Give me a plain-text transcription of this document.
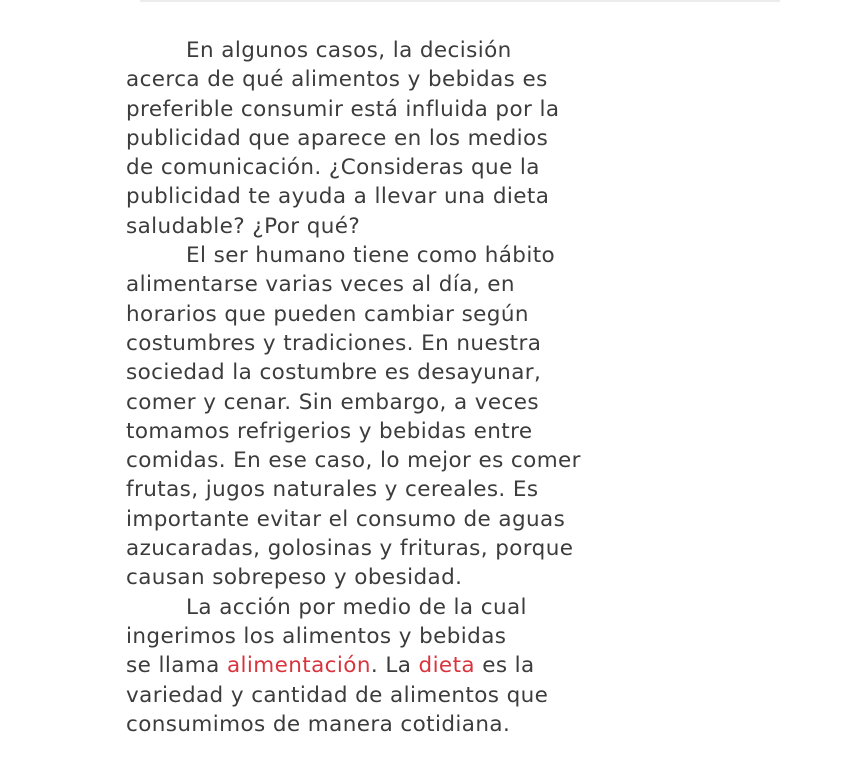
En algunos casos, la decisión
acerca de qué alimentos y bebidas es
preferible consumir está influida por la
publicidad que aparece en los medios
de comunicación. ¿Consideras que la
publicidad te ayuda a llevar una dieta
saludable? ¿Por qué?

El ser humano tiene como hábito
alimentarse varias veces al día, en
horarios que pueden cambiar según
costumbres y tradiciones. En nuestra
sociedad la costumbre es desayunar,
comer y cenar. Sin embargo, a veces
tomamos refrigerios y bebidas entre
comidas. En ese caso, lo mejor es comer
frutas, jugos naturales y cereales. Es
importante evitar el consumo de aguas
azucaradas, golosinas y frituras, porque
causan sobrepeso y obesidad.

La acción por medio de la cual
ingerimos los alimentos y bebidas
se llama alimentación. La dieta es la
variedad y cantidad de alimentos que
consumimos de manera cotidiana.
